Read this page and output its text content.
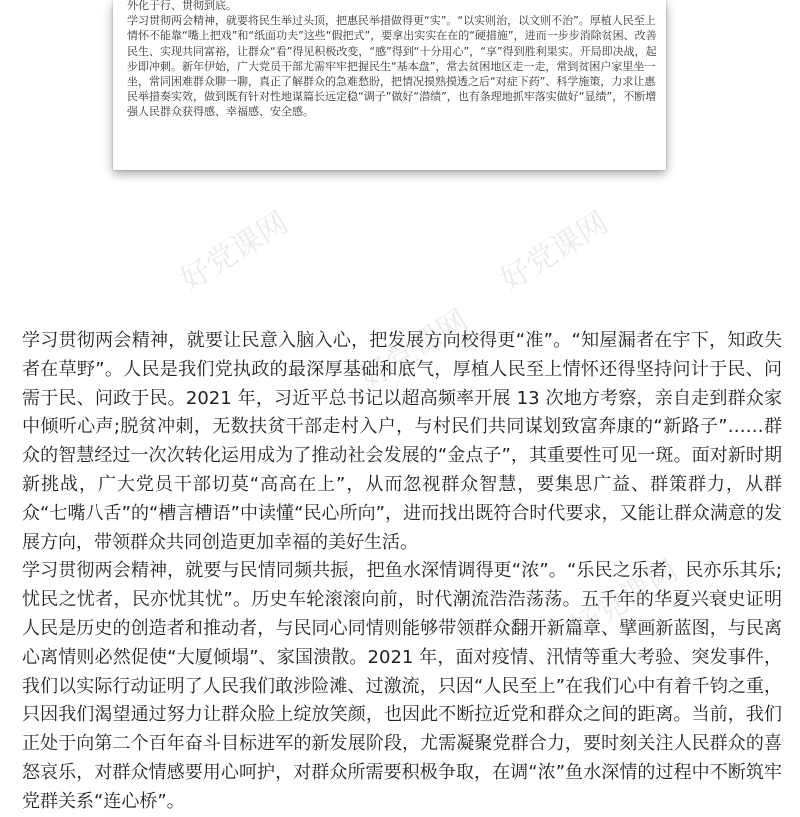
外化于行、贯彻到底。

学习贯彻两会精神，就要将民生举过头顶，把惠民举措做得更“实”。“以实则治，以文则不治”。厚植人民至上情怀不能靠“嘴上把戏”和“纸面功夫”这些“假把式”，要拿出实实在在的“硬措施”，进而一步步消除贫困、改善民生、实现共同富裕，让群众“看”得见积极改变，“感”得到“十分用心”，“享”得到胜利果实。开局即决战，起步即冲刺。新年伊始，广大党员干部尤需牢牢把握民生“基本盘”，常去贫困地区走一走，常到贫困户家里坐一坐，常同困难群众聊一聊，真正了解群众的急难愁盼，把情况摸熟摸透之后“对症下药”、科学施策，力求让惠民举措奏实效，做到既有针对性地谋篇长远定稳“调子”做好“潜绩”，也有条理地抓牢落实做好“显绩”，不断增强人民群众获得感、幸福感、安全感。

好党课网	好党课网
好党课网
好党课网

学习贯彻两会精神，就要让民意入脑入心，把发展方向校得更“准”。“知屋漏者在宇下，知政失者在草野”。人民是我们党执政的最深厚基础和底气，厚植人民至上情怀还得坚持问计于民、问需于民、问政于民。2021 年，习近平总书记以超高频率开展 13 次地方考察，亲自走到群众家中倾听心声;脱贫冲刺，无数扶贫干部走村入户，与村民们共同谋划致富奔康的“新路子”……群众的智慧经过一次次转化运用成为了推动社会发展的“金点子”，其重要性可见一斑。面对新时期新挑战，广大党员干部切莫“高高在上”，从而忽视群众智慧，要集思广益、群策群力，从群众“七嘴八舌”的“槽言槽语”中读懂“民心所向”，进而找出既符合时代要求，又能让群众满意的发展方向，带领群众共同创造更加幸福的美好生活。

学习贯彻两会精神，就要与民情同频共振，把鱼水深情调得更“浓”。“乐民之乐者，民亦乐其乐;忧民之忧者，民亦忧其忧”。历史车轮滚滚向前，时代潮流浩浩荡荡。五千年的华夏兴衰史证明人民是历史的创造者和推动者，与民同心同情则能够带领群众翻开新篇章、擘画新蓝图，与民离心离情则必然促使“大厦倾塌”、家国溃散。2021 年，面对疫情、汛情等重大考验、突发事件，我们以实际行动证明了人民我们敢涉险滩、过激流，只因“人民至上”在我们心中有着千钧之重，只因我们渴望通过努力让群众脸上绽放笑颜，也因此不断拉近党和群众之间的距离。当前，我们正处于向第二个百年奋斗目标进军的新发展阶段，尤需凝聚党群合力，要时刻关注人民群众的喜怒哀乐，对群众情感要用心呵护，对群众所需要积极争取，在调“浓”鱼水深情的过程中不断筑牢党群关系“连心桥”。
